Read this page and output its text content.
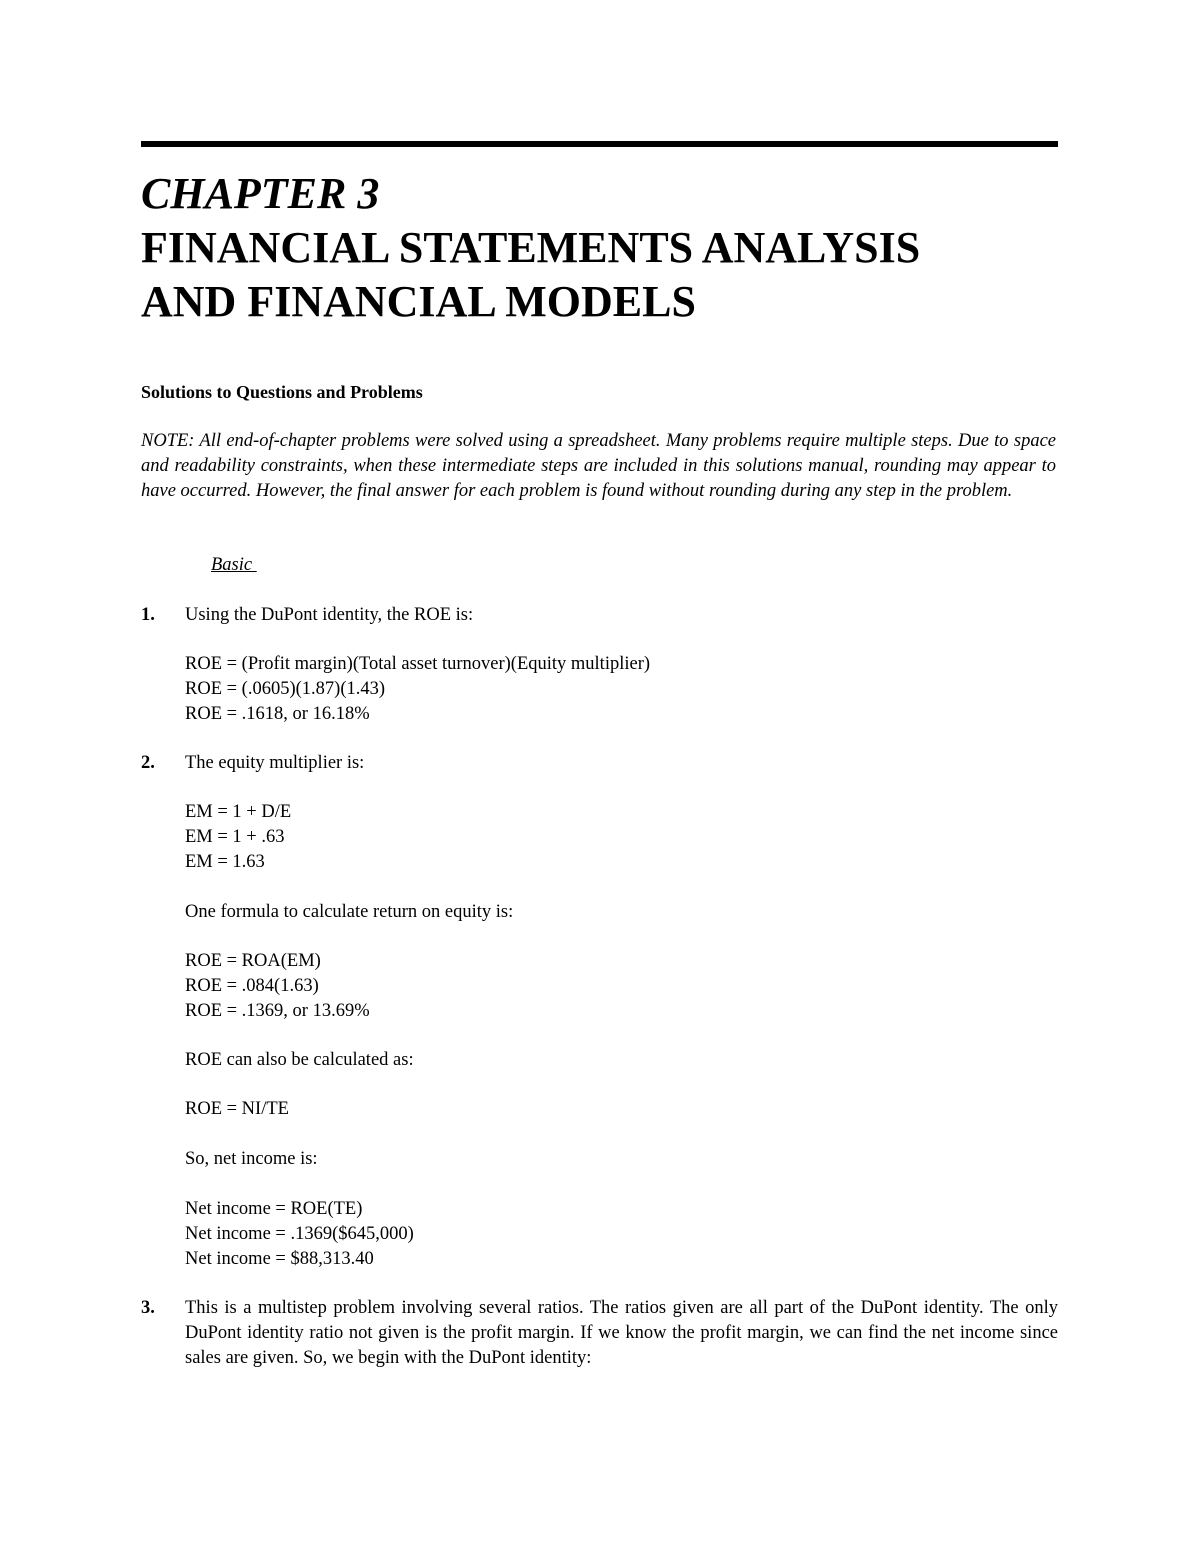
CHAPTER 3
FINANCIAL STATEMENTS ANALYSIS
AND FINANCIAL MODELS
Solutions to Questions and Problems
NOTE: All end-of-chapter problems were solved using a spreadsheet. Many problems require multiple steps. Due to space and readability constraints, when these intermediate steps are included in this solutions manual, rounding may appear to have occurred. However, the final answer for each problem is found without rounding during any step in the problem.
Basic
1. Using the DuPont identity, the ROE is:
ROE = (Profit margin)(Total asset turnover)(Equity multiplier)
ROE = (.0605)(1.87)(1.43)
ROE = .1618, or 16.18%
2. The equity multiplier is:
EM = 1 + D/E
EM = 1 + .63
EM = 1.63
One formula to calculate return on equity is:
ROE = ROA(EM)
ROE = .084(1.63)
ROE = .1369, or 13.69%
ROE can also be calculated as:
ROE = NI/TE
So, net income is:
Net income = ROE(TE)
Net income = .1369($645,000)
Net income = $88,313.40
3. This is a multistep problem involving several ratios. The ratios given are all part of the DuPont identity. The only DuPont identity ratio not given is the profit margin. If we know the profit margin, we can find the net income since sales are given. So, we begin with the DuPont identity:
